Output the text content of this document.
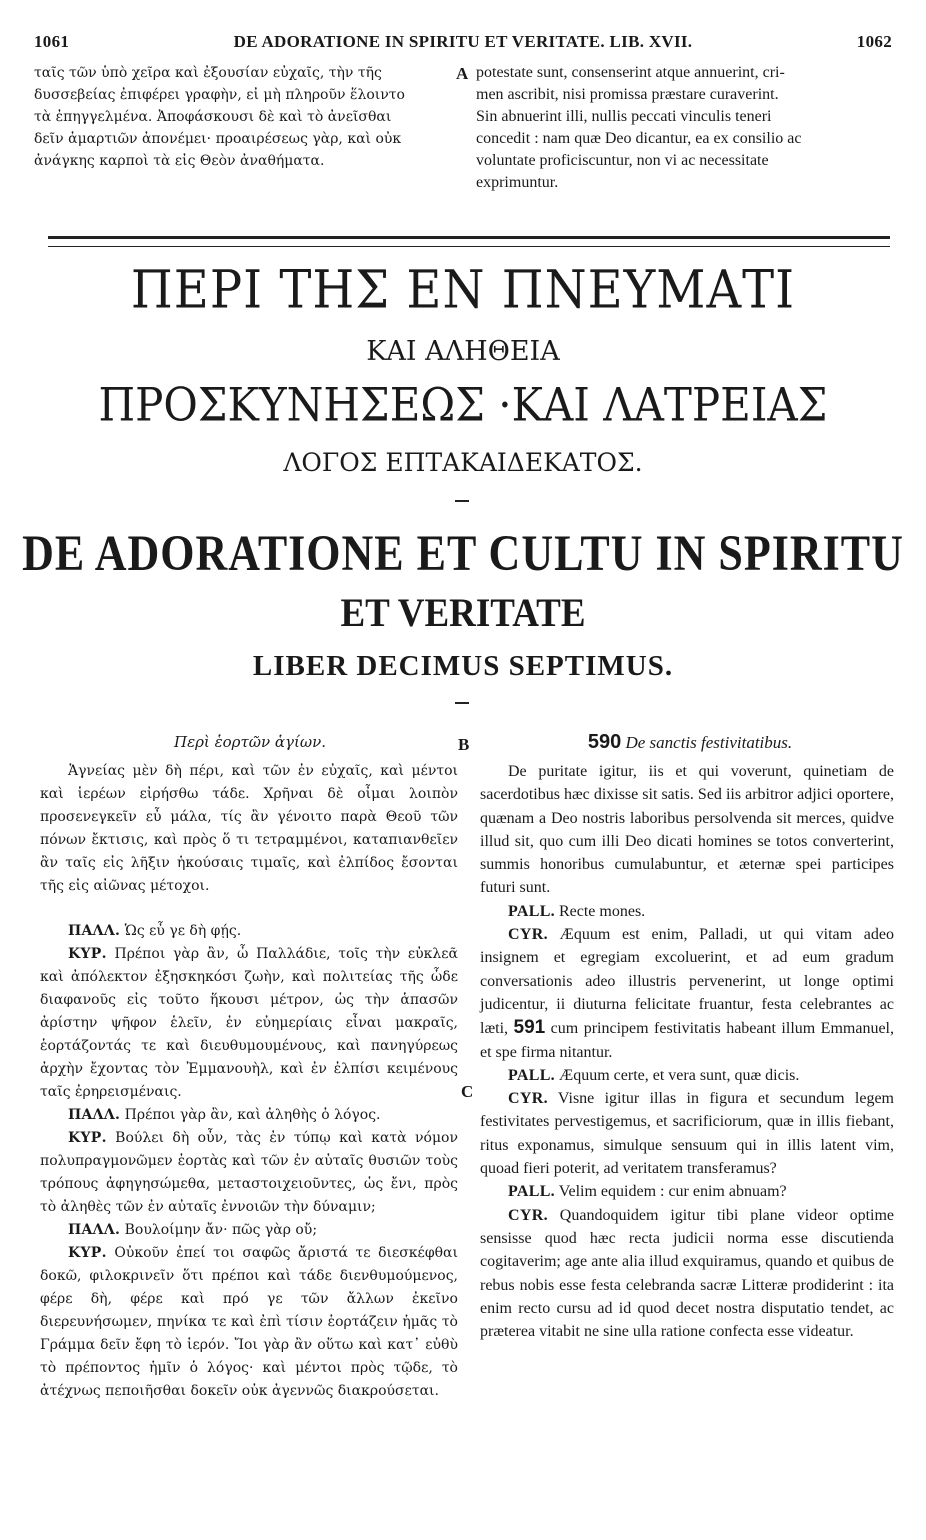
1061	DE ADORATIONE IN SPIRITU ET VERITATE. LIB. XVII.	1062
ταῖς τῶν ὑπὸ χεῖρα καὶ ἐξουσίαν εὐχαῖς, τὴν τῆς
δυσσεβείας ἐπιφέρει γραφὴν, εἰ μὴ πληροῦν ἕλοιντο
τὰ ἐπηγγελμένα. Ἀποφάσκουσι δὲ καὶ τὸ ἀνεῖσθαι
δεῖν ἁμαρτιῶν ἀπονέμει· προαιρέσεως γὰρ, καὶ οὐκ
ἀνάγκης καρποὶ τὰ εἰς Θεὸν ἀναθήματα.
A potestate sunt, consenserint atque annuerint, cri-
men ascribit, nisi promissa præstare curaverint.
Sin abnuerint illi, nullis peccati vinculis teneri
concedit : nam quæ Deo dicantur, ea ex consilio ac
voluntate proficiscuntur, non vi ac necessitate
exprimuntur.
ΠΕΡΙ ΤΗΣ ΕΝ ΠΝΕΥΜΑΤΙ
ΚΑΙ ΑΛΗΘΕΙΑ
ΠΡΟΣΚΥΝΗΣΕΩΣ ·ΚΑΙ ΛΑΤΡΕΙΑΣ
ΛΟΓΟΣ ΕΠΤΑΚΑΙΔΕΚΑΤΟΣ.
DE ADORATIONE ET CULTU IN SPIRITU
ET VERITATE
LIBER DECIMUS SEPTIMUS.
Περὶ ἑορτῶν ἁγίων.	B	590 De sanctis festivitatibus.

Ἁγνείας μὲν δὴ πέρι, καὶ τῶν ἐν εὐχαῖς, καὶ μέντοι καὶ ἱερέων εἰρήσθω τάδε. Χρῆναι δὲ οἶμαι λοιπὸν προσενεγκεῖν εὖ μάλα, τίς ἂν γένοιτο παρὰ Θεοῦ τῶν πόνων ἔκτισις, καὶ πρὸς ὅ τι τετραμμένοι, καταπιανθεῖεν ἂν ταῖς εἰς λῆξιν ἡκούσαις τιμαῖς, καὶ ἐλπίδος ἔσονται τῆς εἰς αἰῶνας μέτοχοι.

ΠΑΛΛ. Ὡς εὖ γε δὴ φῄς.

ΚΥΡ. Πρέποι γὰρ ἂν, ὦ Παλλάδιε, τοῖς τὴν εὐκλεᾶ καὶ ἀπόλεκτον ἐξησκηκόσι ζωὴν, καὶ πολιτείας τῆς ὧδε διαφανοῦς εἰς τοῦτο ἥκουσι μέτρον, ὡς τὴν ἁπασῶν ἀρίστην ψῆφον ἑλεῖν, ἐν εὐημερίαις εἶναι μακραῖς, ἑορτάζοντάς τε καὶ διευθυμουμένους, καὶ πανηγύρεως ἀρχὴν ἔχοντας τὸν Ἐμμανουὴλ, καὶ ἐν ἐλπίσι κειμένους ταῖς ἐρηρεισμέναις.

ΠΑΛΛ. Πρέποι γὰρ ἂν, καὶ ἀληθὴς ὁ λόγος.

ΚΥΡ. Βούλει δὴ οὖν, τὰς ἐν τύπῳ καὶ κατὰ νόμον πολυπραγμονῶμεν ἑορτὰς καὶ τῶν ἐν αὐταῖς θυσιῶν τοὺς τρόπους ἀφηγησώμεθα, μεταστοιχειοῦντες, ὡς ἔνι, πρὸς τὸ ἀληθὲς τῶν ἐν αὐταῖς ἐννοιῶν τὴν δύναμιν;

ΠΑΛΛ. Βουλοίμην ἄν· πῶς γὰρ οὔ;

ΚΥΡ. Οὐκοῦν ἐπεί τοι σαφῶς ἄριστά τε διεσκέφθαι δοκῶ, φιλοκρινεῖν ὅτι πρέποι καὶ τάδε διενθυμούμενος, φέρε δὴ, φέρε καὶ πρό γε τῶν ἄλλων ἐκεῖνο διερευνήσωμεν, πηνίκα τε καὶ ἐπὶ τίσιν ἑορτάζειν ἡμᾶς τὸ Γράμμα δεῖν ἔφη τὸ ἱερόν. Ἴοι γὰρ ἂν οὕτω καὶ κατ᾽ εὐθὺ τὸ πρέποντος ἡμῖν ὁ λόγος· καὶ μέντοι πρὸς τῷδε, τὸ ἀτέχνως πεποιῆσθαι δοκεῖν οὐκ ἀγεννῶς διακρούσεται.

C

De puritate igitur, iis et qui voverunt, quinetiam de sacerdotibus hæc dixisse sit satis. Sed iis arbitror adjici oportere, quænam a Deo nostris laboribus persolvenda sit merces, quidve illud sit, quo cum illi Deo dicati homines se totos converterint, summis honoribus cumulabuntur, et æternæ spei participes futuri sunt.

PALL. Recte mones.

CYR. Æquum est enim, Palladi, ut qui vitam adeo insignem et egregiam excoluerint, et ad eum gradum conversationis adeo illustris pervenerint, ut longe optimi judicentur, ii diuturna felicitate fruantur, festa celebrantes ac læti, 591 cum principem festivitatis habeant illum Emmanuel, et spe firma nitantur.

PALL. Æquum certe, et vera sunt, quæ dicis.

CYR. Visne igitur illas in figura et secundum legem festivitates pervestigemus, et sacrificiorum, quæ in illis fiebant, ritus exponamus, simulque sensuum qui in illis latent vim, quoad fieri poterit, ad veritatem transferamus?

PALL. Velim equidem : cur enim abnuam?

CYR. Quandoquidem igitur tibi plane videor optime sensisse quod hæc recta judicii norma esse discutienda cogitaverim; age ante alia illud exquiramus, quando et quibus de rebus nobis esse festa celebranda sacræ Litteræ prodiderint : ita enim recto cursu ad id quod decet nostra disputatio tendet, ac præterea vitabit ne sine ulla ratione confecta esse videatur.
